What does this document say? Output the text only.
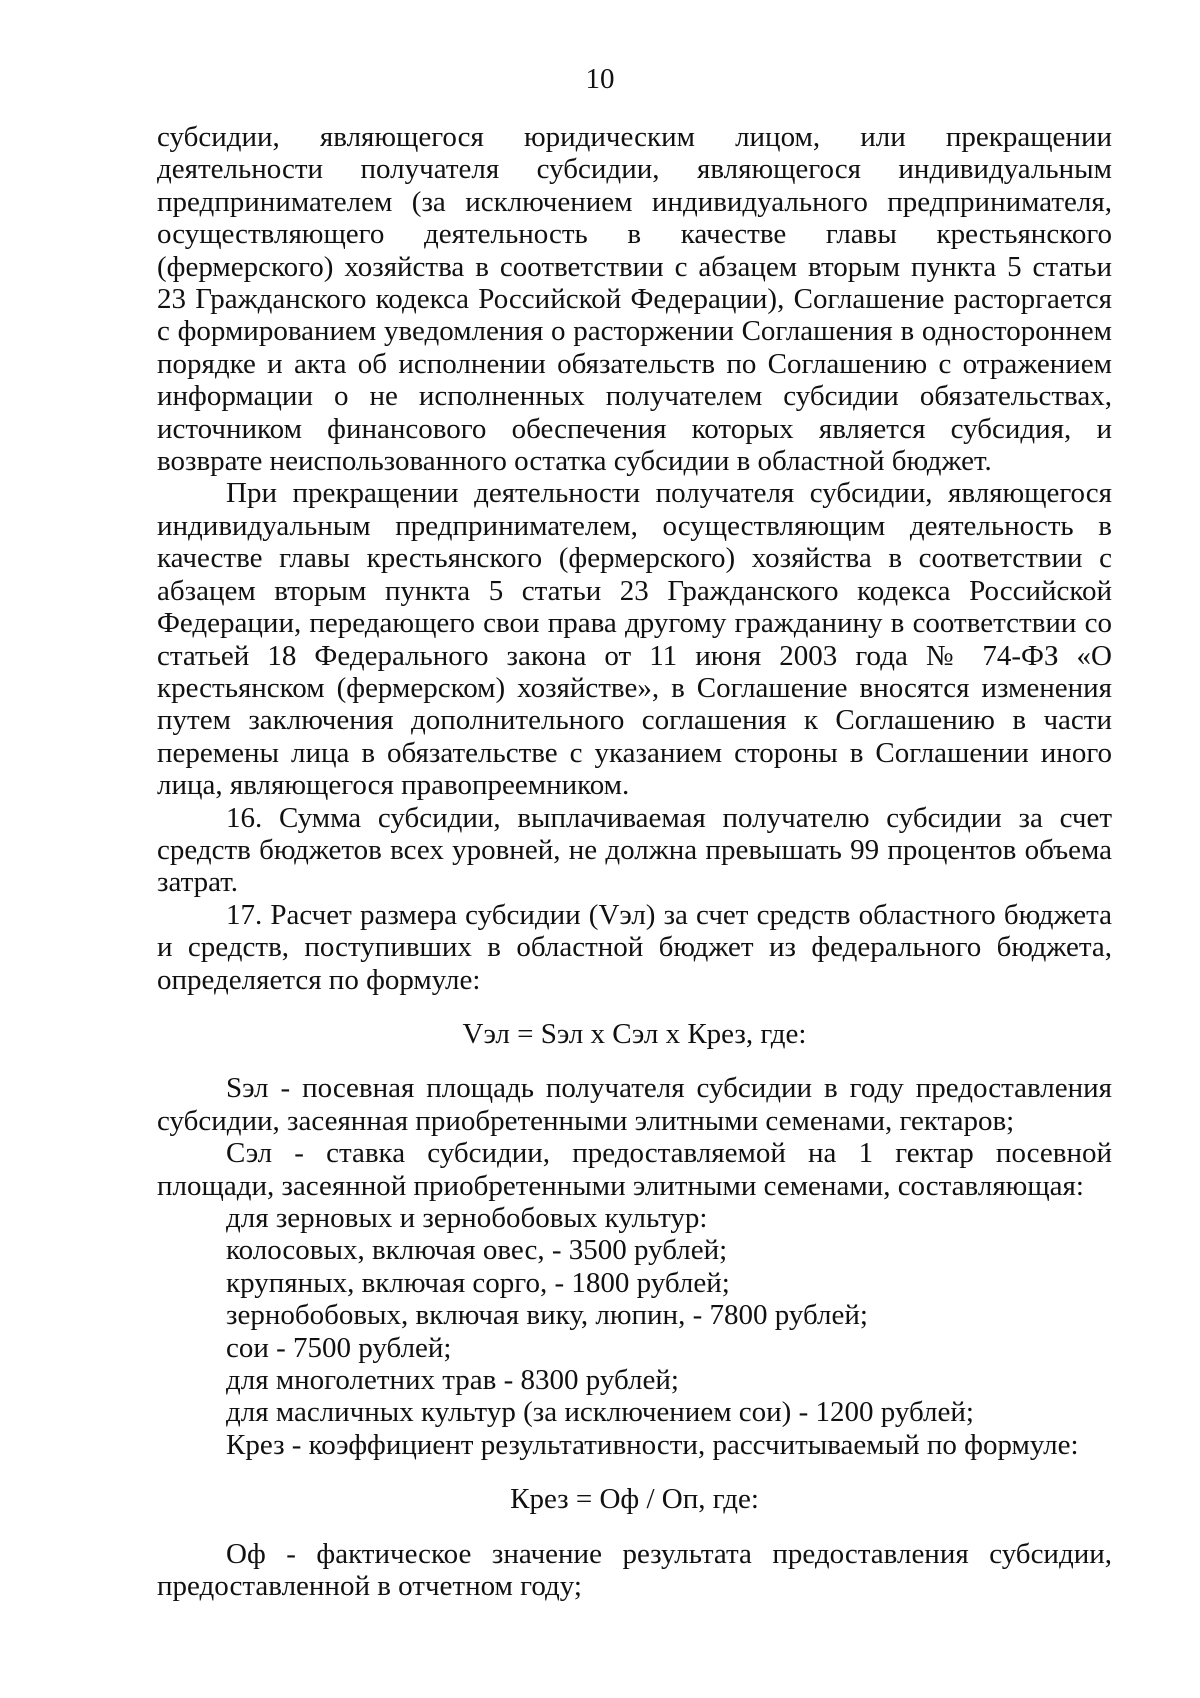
10

субсидии, являющегося юридическим лицом, или прекращении деятельности получателя субсидии, являющегося индивидуальным предпринимателем (за исключением индивидуального предпринимателя, осуществляющего деятельность в качестве главы крестьянского (фермерского) хозяйства в соответствии с абзацем вторым пункта 5 статьи 23 Гражданского кодекса Российской Федерации), Соглашение расторгается с формированием уведомления о расторжении Соглашения в одностороннем порядке и акта об исполнении обязательств по Соглашению с отражением информации о не исполненных получателем субсидии обязательствах, источником финансового обеспечения которых является субсидия, и возврате неиспользованного остатка субсидии в областной бюджет.

При прекращении деятельности получателя субсидии, являющегося индивидуальным предпринимателем, осуществляющим деятельность в качестве главы крестьянского (фермерского) хозяйства в соответствии с абзацем вторым пункта 5 статьи 23 Гражданского кодекса Российской Федерации, передающего свои права другому гражданину в соответствии со статьей 18 Федерального закона от 11 июня 2003 года № 74-ФЗ «О крестьянском (фермерском) хозяйстве», в Соглашение вносятся изменения путем заключения дополнительного соглашения к Соглашению в части перемены лица в обязательстве с указанием стороны в Соглашении иного лица, являющегося правопреемником.

16. Сумма субсидии, выплачиваемая получателю субсидии за счет средств бюджетов всех уровней, не должна превышать 99 процентов объема затрат.

17. Расчет размера субсидии (Vэл) за счет средств областного бюджета и средств, поступивших в областной бюджет из федерального бюджета, определяется по формуле:

Vэл = Sэл х Сэл х Крез, где:

Sэл - посевная площадь получателя субсидии в году предоставления субсидии, засеянная приобретенными элитными семенами, гектаров;

Сэл - ставка субсидии, предоставляемой на 1 гектар посевной площади, засеянной приобретенными элитными семенами, составляющая:

для зерновых и зернобобовых культур:

колосовых, включая овес, - 3500 рублей;

крупяных, включая сорго, - 1800 рублей;

зернобобовых, включая вику, люпин, - 7800 рублей;

сои - 7500 рублей;

для многолетних трав - 8300 рублей;

для масличных культур (за исключением сои) - 1200 рублей;

Крез - коэффициент результативности, рассчитываемый по формуле:

Крез = Оф / Оп, где:

Оф - фактическое значение результата предоставления субсидии, предоставленной в отчетном году;
